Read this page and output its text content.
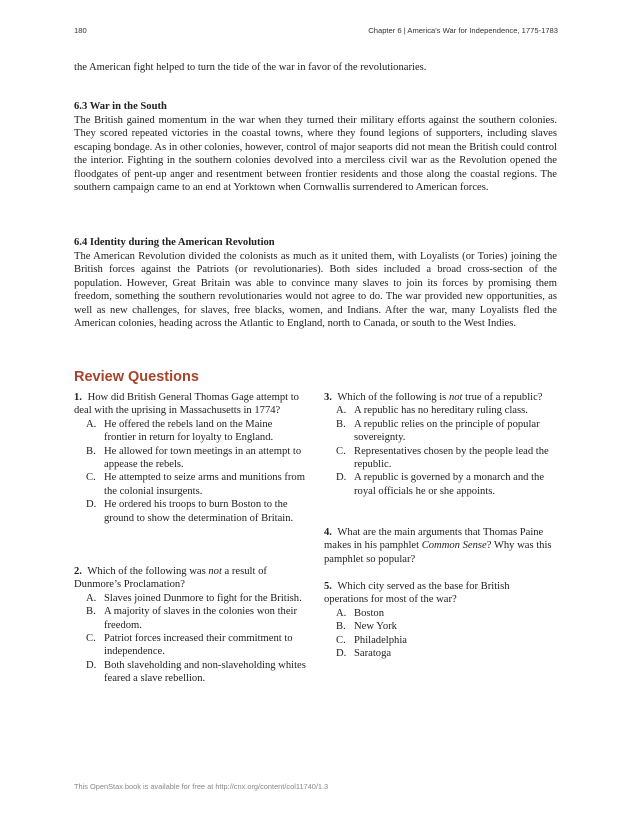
180	Chapter 6 | America's War for Independence, 1775-1783

the American fight helped to turn the tide of the war in favor of the revolutionaries.

6.3 War in the South

The British gained momentum in the war when they turned their military efforts against the southern colonies. They scored repeated victories in the coastal towns, where they found legions of supporters, including slaves escaping bondage. As in other colonies, however, control of major seaports did not mean the British could control the interior. Fighting in the southern colonies devolved into a merciless civil war as the Revolution opened the floodgates of pent-up anger and resentment between frontier residents and those along the coastal regions. The southern campaign came to an end at Yorktown when Cornwallis surrendered to American forces.

6.4 Identity during the American Revolution

The American Revolution divided the colonists as much as it united them, with Loyalists (or Tories) joining the British forces against the Patriots (or revolutionaries). Both sides included a broad cross-section of the population. However, Great Britain was able to convince many slaves to join its forces by promising them freedom, something the southern revolutionaries would not agree to do. The war provided new opportunities, as well as new challenges, for slaves, free blacks, women, and Indians. After the war, many Loyalists fled the American colonies, heading across the Atlantic to England, north to Canada, or south to the West Indies.

Review Questions

1. How did British General Thomas Gage attempt to deal with the uprising in Massachusetts in 1774?

A. He offered the rebels land on the Maine frontier in return for loyalty to England.
B. He allowed for town meetings in an attempt to appease the rebels.
C. He attempted to seize arms and munitions from the colonial insurgents.
D. He ordered his troops to burn Boston to the ground to show the determination of Britain.

2. Which of the following was not a result of Dunmore’s Proclamation?

A. Slaves joined Dunmore to fight for the British.
B. A majority of slaves in the colonies won their freedom.
C. Patriot forces increased their commitment to independence.
D. Both slaveholding and non-slaveholding whites feared a slave rebellion.

3. Which of the following is not true of a republic?

A. A republic has no hereditary ruling class.
B. A republic relies on the principle of popular sovereignty.
C. Representatives chosen by the people lead the republic.
D. A republic is governed by a monarch and the royal officials he or she appoints.

4. What are the main arguments that Thomas Paine makes in his pamphlet Common Sense? Why was this pamphlet so popular?

5. Which city served as the base for British operations for most of the war?

A. Boston
B. New York
C. Philadelphia
D. Saratoga
This OpenStax book is available for free at http://cnx.org/content/col11740/1.3
